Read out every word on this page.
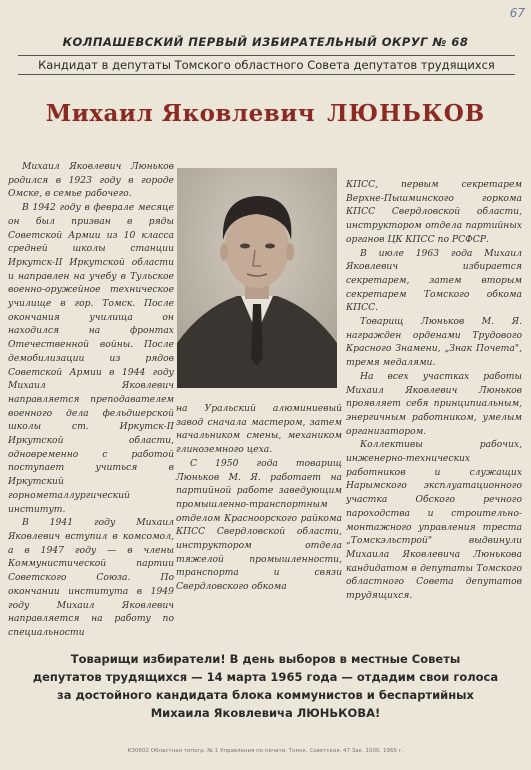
67
КОЛПАШЕВСКИЙ ПЕРВЫЙ ИЗБИРАТЕЛЬНЫЙ ОКРУГ № 68
Кандидат в депутаты Томского областного Совета депутатов трудящихся
Михаил Яковлевич ЛЮНЬКОВ

Михаил Яковлевич Люньков родился в 1923 году в городе Омске, в семье рабочего.

В 1942 году в феврале месяце он был призван в ряды Советской Армии из 10 класса средней школы станции Иркутск-II Иркутской области и направлен на учебу в Тульское военно-оружейное техническое училище в гор. Томск. После окончания училища он находился на фронтах Отечественной войны. После демобилизации из рядов Советской Армии в 1944 году Михаил Яковлевич направляется преподавателем военного дела фельдшерской школы ст. Иркутск-II Иркутской области, одновременно с работой поступает учиться в Иркутский горнометаллургический институт.

В 1941 году Михаил Яковлевич вступил в комсомол, а в 1947 году — в члены Коммунистической партии Советского Союза. По окончании института в 1949 году Михаил Яковлевич направляется на работу по специальности

на Уральский алюминиевый завод сначала мастером, затем начальником смены, механиком глиноземного цеха.

С 1950 года товарищ Люньков М. Я. работает на партийной работе заведующим промышленно-транспортным отделом Красноорского райкома КПСС Свердловской области, инструктором отдела тяжелой промышленности, транспорта и связи Свердловского обкома

КПСС, первым секретарем Верхне-Пышминского горкома КПСС Свердловской области, инструктором отдела партийных органов ЦК КПСС по РСФСР.

В июле 1963 года Михаил Яковлевич избирается секретарем, затем вторым секретарем Томского обкома КПСС.

Товарищ Люньков М. Я. награжден орденами Трудового Красного Знамени, „Знак Почета", тремя медалями.

На всех участках работы Михаил Яковлевич Люньков проявляет себя принципиальным, энергичным работником, умелым организатором.

Коллективы рабочих, инженерно-технических работников и служащих Нарымского эксплуатационного участка Обского речного пароходства и строительно-монтажного управления треста „Томскэльстрой" выдвинули Михаила Яковлевича Люнькова кандидатом в депутаты Томского областного Совета депутатов трудящихся.

Товарищи избиратели! В день выборов в местные Советы
депутатов трудящихся — 14 марта 1965 года — отдадим свои голоса
за достойного кандидата блока коммунистов и беспартийных
Михаила Яковлевича ЛЮНЬКОВА!
К30602 Областная типогр. № 1 Управления по печати. Томск, Советская, 47 Зак. 1000. 1965 г.
